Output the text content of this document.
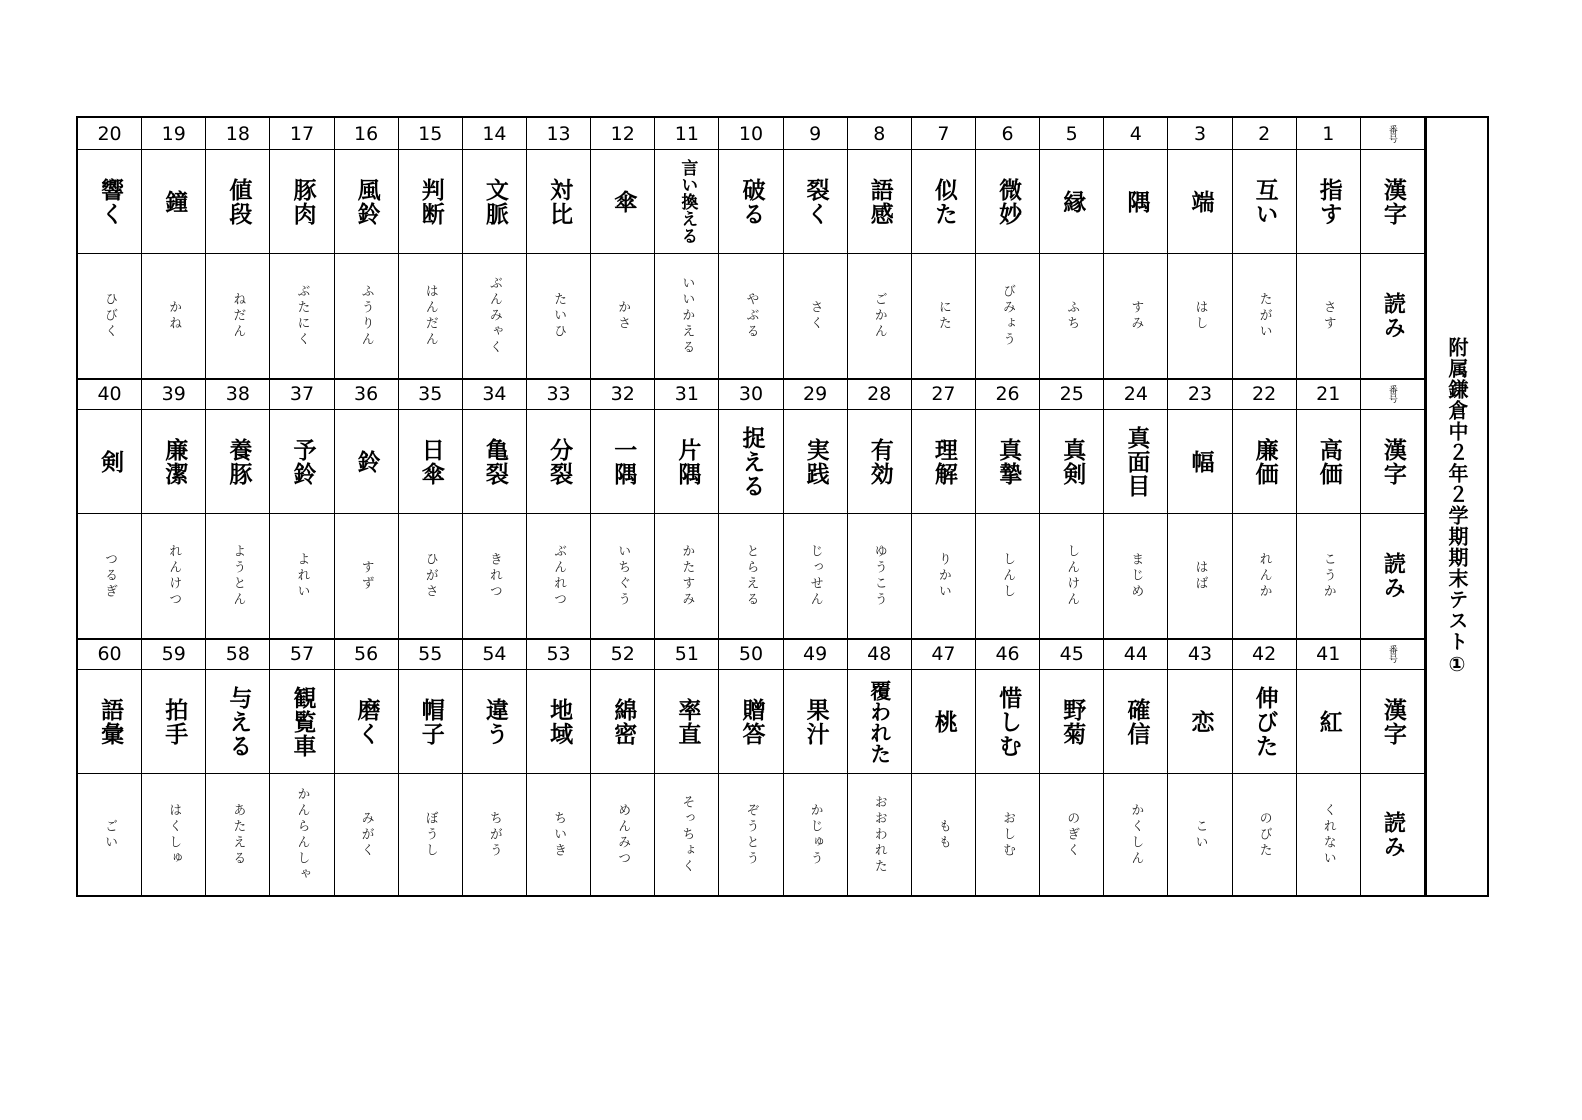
番号
漢字
読み
1
指す
さす
2
互い
たがい
3
端
はし
4
隅
すみ
5
縁
ふち
6
微妙
びみょう
7
似た
にた
8
語感
ごかん
9
裂く
さく
10
破る
やぶる
11
言い換える
いいかえる
12
傘
かさ
13
対比
たいひ
14
文脈
ぶんみゃく
15
判断
はんだん
16
風鈴
ふうりん
17
豚肉
ぶたにく
18
値段
ねだん
19
鐘
かね
20
響く
ひびく
番号
漢字
読み
21
高価
こうか
22
廉価
れんか
23
幅
はば
24
真面目
まじめ
25
真剣
しんけん
26
真摯
しんし
27
理解
りかい
28
有効
ゆうこう
29
実践
じっせん
30
捉える
とらえる
31
片隅
かたすみ
32
一隅
いちぐう
33
分裂
ぶんれつ
34
亀裂
きれつ
35
日傘
ひがさ
36
鈴
すず
37
予鈴
よれい
38
養豚
ようとん
39
廉潔
れんけつ
40
剣
つるぎ
番号
漢字
読み
41
紅
くれない
42
伸びた
のびた
43
恋
こい
44
確信
かくしん
45
野菊
のぎく
46
惜しむ
おしむ
47
桃
もも
48
覆われた
おおわれた
49
果汁
かじゅう
50
贈答
ぞうとう
51
率直
そっちょく
52
綿密
めんみつ
53
地域
ちいき
54
違う
ちがう
55
帽子
ぼうし
56
磨く
みがく
57
観覧車
かんらんしゃ
58
与える
あたえる
59
拍手
はくしゅ
60
語彙
ごい
附属鎌倉中２年２学期期末テスト①
